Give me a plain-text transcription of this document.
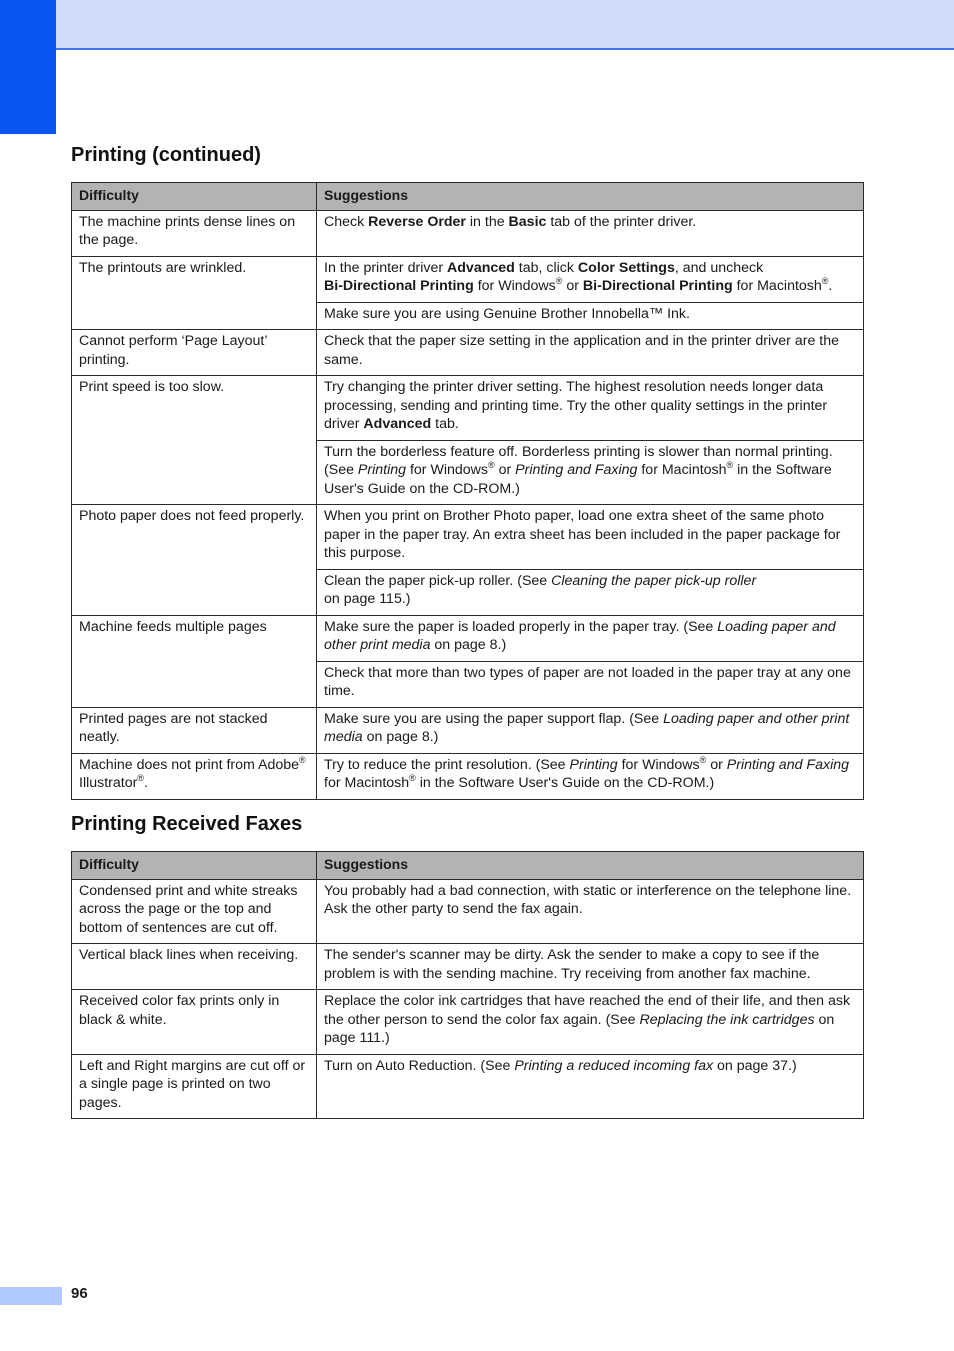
Printing (continued)
Difficulty	Suggestions
The machine prints dense lines on the page.	Check Reverse Order in the Basic tab of the printer driver.
The printouts are wrinkled.	In the printer driver Advanced tab, click Color Settings, and uncheck
Bi-Directional Printing for Windows® or Bi-Directional Printing for Macintosh®.
	Make sure you are using Genuine Brother Innobella™ Ink.
Cannot perform ‘Page Layout’ printing.	Check that the paper size setting in the application and in the printer driver are the same.
Print speed is too slow.	Try changing the printer driver setting. The highest resolution needs longer data processing, sending and printing time. Try the other quality settings in the printer driver Advanced tab.
	Turn the borderless feature off. Borderless printing is slower than normal printing. (See Printing for Windows® or Printing and Faxing for Macintosh® in the Software User's Guide on the CD-ROM.)
Photo paper does not feed properly.	When you print on Brother Photo paper, load one extra sheet of the same photo paper in the paper tray. An extra sheet has been included in the paper package for this purpose.
	Clean the paper pick-up roller. (See Cleaning the paper pick-up roller
on page 115.)
Machine feeds multiple pages	Make sure the paper is loaded properly in the paper tray. (See Loading paper and other print media on page 8.)
	Check that more than two types of paper are not loaded in the paper tray at any one time.
Printed pages are not stacked neatly.	Make sure you are using the paper support flap. (See Loading paper and other print media on page 8.)
Machine does not print from Adobe® Illustrator®.	Try to reduce the print resolution. (See Printing for Windows® or Printing and Faxing for Macintosh® in the Software User's Guide on the CD-ROM.)
Printing Received Faxes
Difficulty	Suggestions
Condensed print and white streaks across the page or the top and bottom of sentences are cut off.	You probably had a bad connection, with static or interference on the telephone line. Ask the other party to send the fax again.
Vertical black lines when receiving.	The sender's scanner may be dirty. Ask the sender to make a copy to see if the problem is with the sending machine. Try receiving from another fax machine.
Received color fax prints only in black & white.	Replace the color ink cartridges that have reached the end of their life, and then ask the other person to send the color fax again. (See Replacing the ink cartridges on page 111.)
Left and Right margins are cut off or a single page is printed on two pages.	Turn on Auto Reduction. (See Printing a reduced incoming fax on page 37.)
96
